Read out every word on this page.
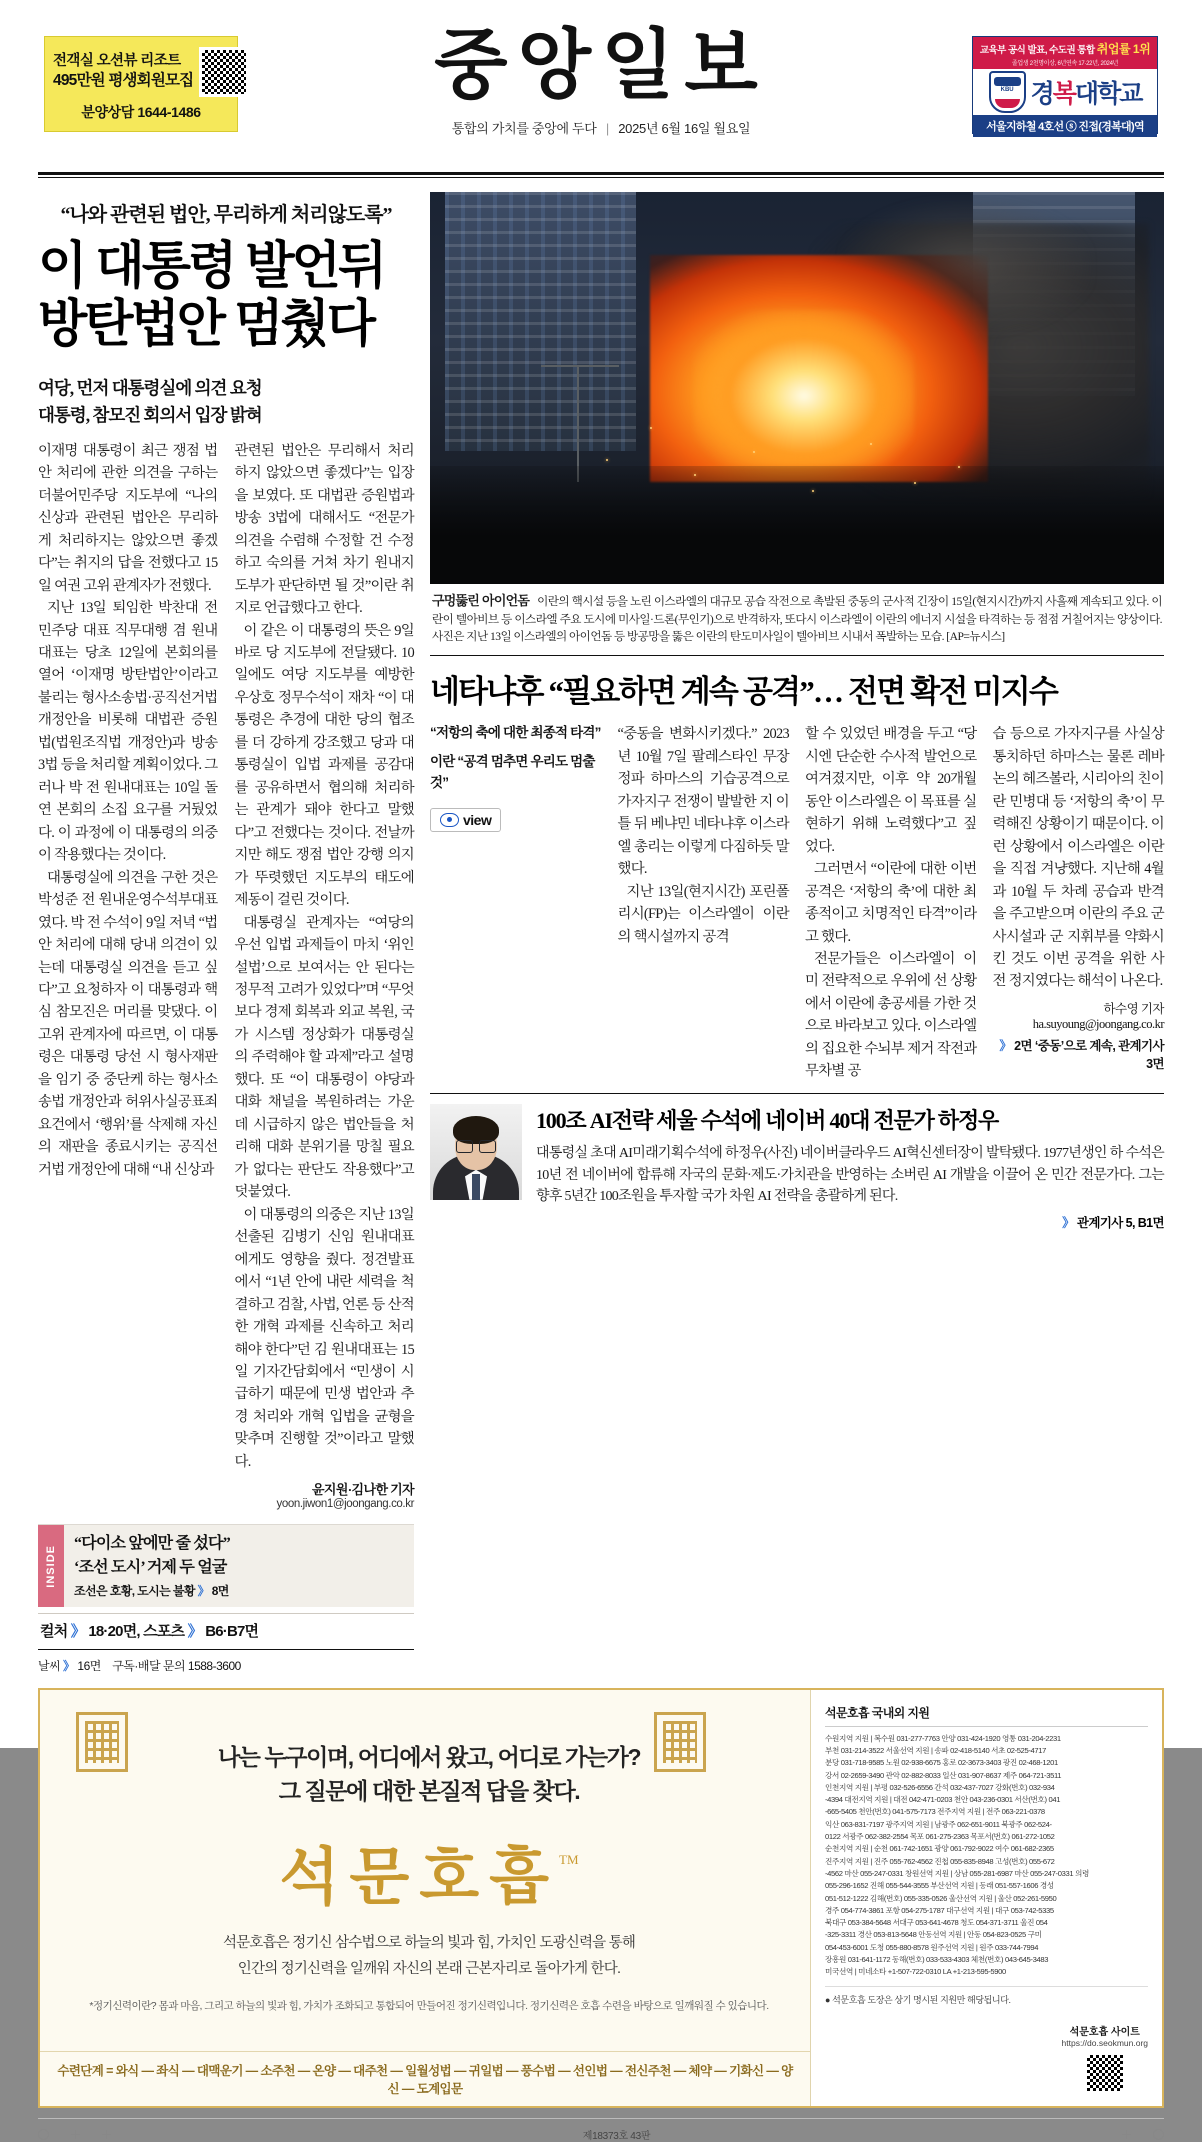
전객실 오션뷰 리조트
495만원 평생회원모집
분양상담 1644-1486
중앙일보
통합의 가치를 중앙에 두다 | 2025년 6월 16일 월요일
교육부 공식 발표, 수도권 통합 취업률 1위
졸업생 2천명이상, 6년연속 17·22년, 2024년
KBU 경복대학교
서울지하철 4호선 ⓢ 진접(경복대)역
“나와 관련된 법안, 무리하게 처리않도록”
이 대통령 발언뒤
방탄법안 멈췄다
여당, 먼저 대통령실에 의견 요청
대통령, 참모진 회의서 입장 밝혀

이재명 대통령이 최근 쟁점 법안 처리에 관한 의견을 구하는 더불어민주당 지도부에 “나의 신상과 관련된 법안은 무리하게 처리하지는 않았으면 좋겠다”는 취지의 답을 전했다고 15일 여권 고위 관계자가 전했다.

지난 13일 퇴임한 박찬대 전 민주당 대표 직무대행 겸 원내대표는 당초 12일에 본회의를 열어 ‘이재명 방탄법안’이라고 불리는 형사소송법·공직선거법 개정안을 비롯해 대법관 증원법(법원조직법 개정안)과 방송 3법 등을 처리할 계획이었다. 그러나 박 전 원내대표는 10일 돌연 본회의 소집 요구를 거뒀었다. 이 과정에 이 대통령의 의중이 작용했다는 것이다.

대통령실에 의견을 구한 것은 박성준 전 원내운영수석부대표였다. 박 전 수석이 9일 저녁 “법안 처리에 대해 당내 의견이 있는데 대통령실 의견을 듣고 싶다”고 요청하자 이 대통령과 핵심 참모진은 머리를 맞댔다. 이 고위 관계자에 따르면, 이 대통령은 대통령 당선 시 형사재판을 임기 중 중단케 하는 형사소송법 개정안과 허위사실공표죄 요건에서 ‘행위’를 삭제해 자신의 재판을 종료시키는 공직선거법 개정안에 대해 “내 신상과

관련된 법안은 무리해서 처리하지 않았으면 좋겠다”는 입장을 보였다. 또 대법관 증원법과 방송 3법에 대해서도 “전문가 의견을 수렴해 수정할 건 수정하고 숙의를 거쳐 차기 원내지도부가 판단하면 될 것”이란 취지로 언급했다고 한다.

이 같은 이 대통령의 뜻은 9일 바로 당 지도부에 전달됐다. 10일에도 여당 지도부를 예방한 우상호 정무수석이 재차 “이 대통령은 추경에 대한 당의 협조를 더 강하게 강조했고 당과 대통령실이 입법 과제를 공감대를 공유하면서 협의해 처리하는 관계가 돼야 한다고 말했다”고 전했다는 것이다. 전날까지만 해도 쟁점 법안 강행 의지가 뚜렷했던 지도부의 태도에 제동이 걸린 것이다.

대통령실 관계자는 “여당의 우선 입법 과제들이 마치 ‘위인설법’으로 보여서는 안 된다는 정무적 고려가 있었다”며 “무엇보다 경제 회복과 외교 복원, 국가 시스템 정상화가 대통령실의 주력해야 할 과제”라고 설명했다. 또 “이 대통령이 야당과 대화 채널을 복원하려는 가운데 시급하지 않은 법안들을 처리해 대화 분위기를 망칠 필요가 없다는 판단도 작용했다”고 덧붙였다.

이 대통령의 의중은 지난 13일 선출된 김병기 신임 원내대표에게도 영향을 줬다. 정견발표에서 “1년 안에 내란 세력을 척결하고 검찰, 사법, 언론 등 산적한 개혁 과제를 신속하고 처리해야 한다”던 김 원내대표는 15일 기자간담회에서 “민생이 시급하기 때문에 민생 법안과 추경 처리와 개혁 입법을 균형을 맞추며 진행할 것”이라고 말했다.

윤지원·김나한 기자
yoon.jiwon1@joongang.co.kr
INSIDE
“다이소 앞에만 줄 섰다”
‘조선 도시’ 거제 두 얼굴
조선은 호황, 도시는 불황 》 8면
컬처 》 18·20면, 스포츠 》 B6·B7면
날씨 》 16면 구독·배달 문의 1588-3600
구멍뚫린 아이언돔 이란의 핵시설 등을 노린 이스라엘의 대규모 공습 작전으로 촉발된 중동의 군사적 긴장이 15일(현지시간)까지 사흘째 계속되고 있다. 이란이 텔아비브 등 이스라엘 주요 도시에 미사일·드론(무인기)으로 반격하자, 또다시 이스라엘이 이란의 에너지 시설을 타격하는 등 점점 거칠어지는 양상이다. 사진은 지난 13일 이스라엘의 아이언돔 등 방공망을 뚫은 이란의 탄도미사일이 텔아비브 시내서 폭발하는 모습. [AP=뉴시스]
네타냐후 “필요하면 계속 공격”… 전면 확전 미지수
“저항의 축에 대한 최종적 타격”
이란 “공격 멈추면 우리도 멈출것”
view

“중동을 변화시키겠다.” 2023년 10월 7일 팔레스타인 무장 정파 하마스의 기습공격으로 가자지구 전쟁이 발발한 지 이틀 뒤 베냐민 네타냐후 이스라엘 총리는 이렇게 다짐하듯 말했다.

지난 13일(현지시간) 포린폴리시(FP)는 이스라엘이 이란의 핵시설까지 공격

할 수 있었던 배경을 두고 “당시엔 단순한 수사적 발언으로 여겨졌지만, 이후 약 20개월 동안 이스라엘은 이 목표를 실현하기 위해 노력했다”고 짚었다.

그러면서 “이란에 대한 이번 공격은 ‘저항의 축’에 대한 최종적이고 치명적인 타격”이라고 했다.

전문가들은 이스라엘이 이미 전략적으로 우위에 선 상황에서 이란에 총공세를 가한 것으로 바라보고 있다. 이스라엘의 집요한 수뇌부 제거 작전과 무차별 공

습 등으로 가자지구를 사실상 통치하던 하마스는 물론 레바논의 헤즈볼라, 시리아의 친이란 민병대 등 ‘저항의 축’이 무력해진 상황이기 때문이다. 이런 상황에서 이스라엘은 이란을 직접 겨냥했다. 지난해 4월과 10월 두 차례 공습과 반격을 주고받으며 이란의 주요 군사시설과 군 지휘부를 약화시킨 것도 이번 공격을 위한 사전 정지였다는 해석이 나온다.

하수영 기자 ha.suyoung@joongang.co.kr
》 2면 ‘중동’으로 계속, 관계기사 3면
100조 AI전략 세울 수석에 네이버 40대 전문가 하정우
대통령실 초대 AI미래기획수석에 하정우(사진) 네이버클라우드 AI혁신센터장이 발탁됐다. 1977년생인 하 수석은 10년 전 네이버에 합류해 자국의 문화·제도·가치관을 반영하는 소버린 AI 개발을 이끌어 온 민간 전문가다. 그는 향후 5년간 100조원을 투자할 국가 차원 AI 전략을 총괄하게 된다.
》 관계기사 5, B1면
나는 누구이며, 어디에서 왔고, 어디로 가는가?
그 질문에 대한 본질적 답을 찾다.
석문호흡™
석문호흡은 정기신 삼수법으로 하늘의 빛과 힘, 가치인 도광신력을 통해
인간의 정기신력을 일깨워 자신의 본래 근본자리로 돌아가게 한다.
*정기신력이란? 몸과 마음, 그리고 하늘의 빛과 힘, 가치가 조화되고 통합되어 만들어진 정기신력입니다. 정기신력은 호흡 수련을 바탕으로 일깨워질 수 있습니다.
수련단계 = 와식 — 좌식 — 대맥운기 — 소주천 — 온양 — 대주천 — 일월성법 — 귀일법 — 풍수법 — 선인법 — 전신주천 — 체약 — 기화신 — 양신 — 도계입문
석문호흡 국내외 지원
수원지역 지원 | 복수원 031-277-7763 안양 031-424-1920 영통 031-204-2231
부천 031-214-3522 서울선역 지원 | 송파 02-418-5140 서초 02-525-4717
분당 031-718-9585 노원 02-938-6675 홍로 02-3673-3403 광진 02-468-1201
강서 02-2659-3490 관악 02-882-8033 일산 031-907-8637 제주 064-721-3511
인천지역 지원 | 부평 032-526-6556 간석 032-437-7027 강화(번호) 032-934
-4394 대전지역 지원 | 대전 042-471-0203 천안 043-236-0301 서산(번호) 041
-665-5405 천안(번호) 041-575-7173 전주지역 지원 | 전주 063-221-0378
익산 063-831-7197 광주지역 지원 | 남광주 062-651-9011 북광주 062-524-
0122 서광주 062-382-2554 목포 061-275-2363 목포서(번호) 061-272-1052
순천지역 지원 | 순천 061-742-1651 광양 061-792-9022 여수 061-682-2365
진주지역 지원 | 진주 055-762-4562 진첩 055-835-8948 고성(번호) 055-672
-4562 마산 055-247-0331 창원선역 지원 | 상남 055-281-6987 마산 055-247-0331 의령
055-296-1652 진해 055-544-3555 부산선역 지원 | 동래 051-557-1606 경성
051-512-1222 김해(번호) 055-335-0526 울산선역 지원 | 울산 052-261-5950
경주 054-774-3861 포항 054-275-1787 대구선역 지원 | 대구 053-742-5335
북대구 053-384-5648 서대구 053-641-4678 청도 054-371-3711 울진 054
-325-3311 경산 053-813-5648 안동선역 지원 | 안동 054-823-0525 구미
054-453-6001 도청 055-880-8578 원주선역 지원 | 원주 033-744-7994
장흥원 031-641-1172 동해(번호) 033-533-4303 체천(번호) 043-645-3483
미국선역 | 미네소타 +1-507-722-0310 LA +1-213-595-5900
● 석문호흡 도장은 상기 명시된 지원만 해당됩니다.
석문호흡 사이트
https://do.seokmun.org
제18373호 43판
